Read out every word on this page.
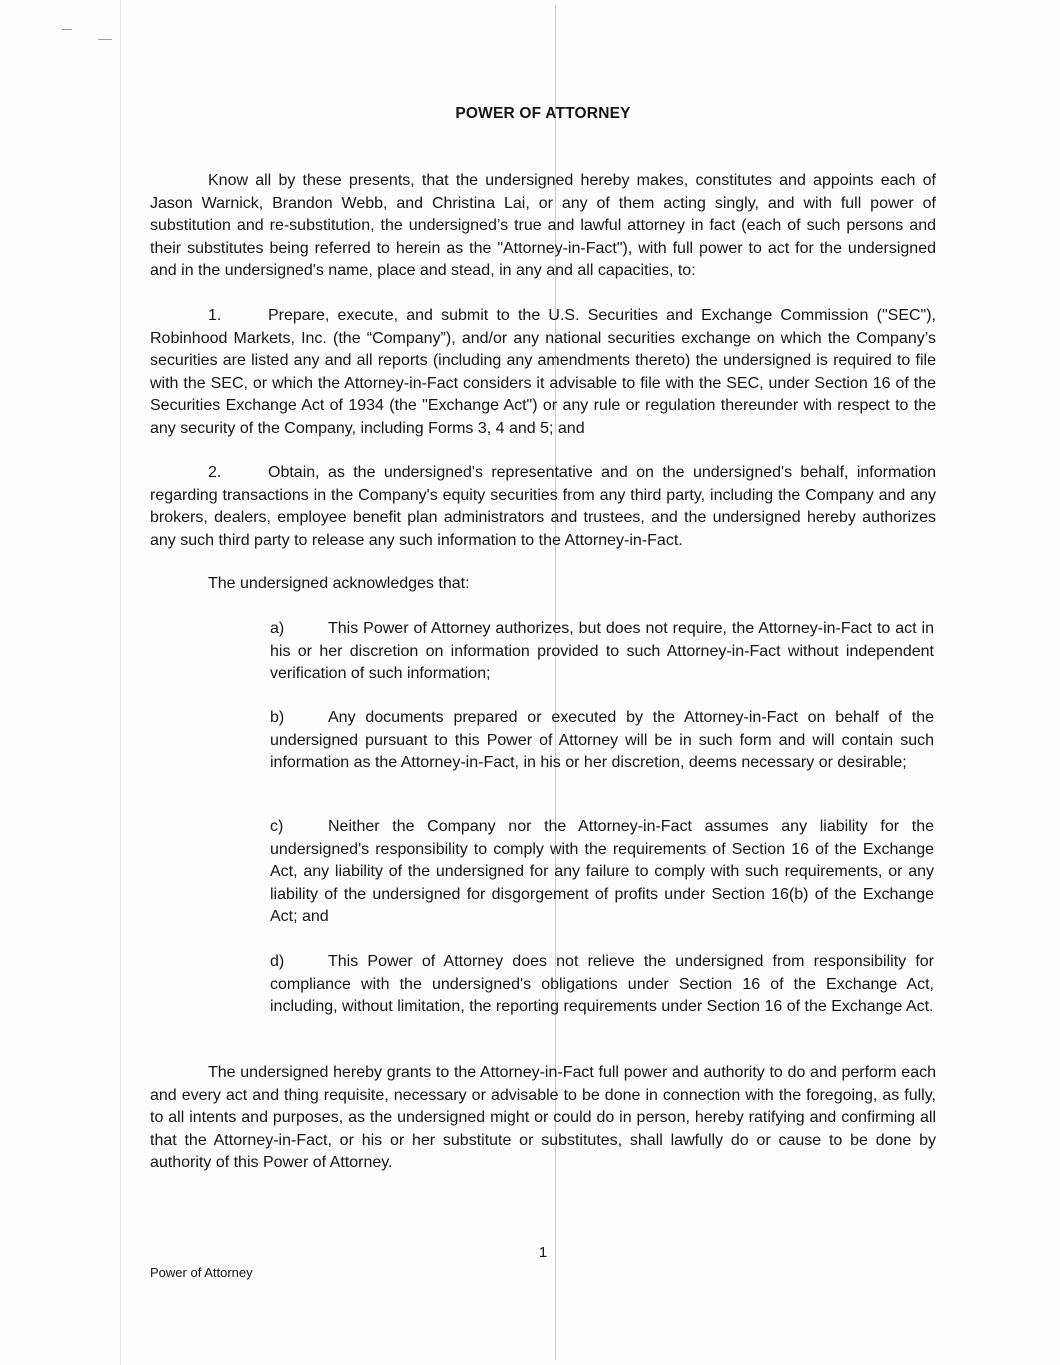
POWER OF ATTORNEY

Know all by these presents, that the undersigned hereby makes, constitutes and appoints each of Jason Warnick, Brandon Webb, and Christina Lai, or any of them acting singly, and with full power of substitution and re-substitution, the undersigned’s true and lawful attorney in fact (each of such persons and their substitutes being referred to herein as the "Attorney-in-Fact"), with full power to act for the undersigned and in the undersigned's name, place and stead, in any and all capacities, to:

1.	Prepare, execute, and submit to the U.S. Securities and Exchange Commission ("SEC"), Robinhood Markets, Inc. (the “Company”), and/or any national securities exchange on which the Company’s securities are listed any and all reports (including any amendments thereto) the undersigned is required to file with the SEC, or which the Attorney-in-Fact considers it advisable to file with the SEC, under Section 16 of the Securities Exchange Act of 1934 (the "Exchange Act") or any rule or regulation thereunder with respect to the any security of the Company, including Forms 3, 4 and 5; and

2.	Obtain, as the undersigned's representative and on the undersigned's behalf, information regarding transactions in the Company's equity securities from any third party, including the Company and any brokers, dealers, employee benefit plan administrators and trustees, and the undersigned hereby authorizes any such third party to release any such information to the Attorney-in-Fact.

The undersigned acknowledges that:

a)	This Power of Attorney authorizes, but does not require, the Attorney-in-Fact to act in his or her discretion on information provided to such Attorney-in-Fact without independent verification of such information;

b)	Any documents prepared or executed by the Attorney-in-Fact on behalf of the undersigned pursuant to this Power of Attorney will be in such form and will contain such information as the Attorney-in-Fact, in his or her discretion, deems necessary or desirable;

c)	Neither the Company nor the Attorney-in-Fact assumes any liability for the undersigned's responsibility to comply with the requirements of Section 16 of the Exchange Act, any liability of the undersigned for any failure to comply with such requirements, or any liability of the undersigned for disgorgement of profits under Section 16(b) of the Exchange Act; and

d)	This Power of Attorney does not relieve the undersigned from responsibility for compliance with the undersigned's obligations under Section 16 of the Exchange Act, including, without limitation, the reporting requirements under Section 16 of the Exchange Act.

The undersigned hereby grants to the Attorney-in-Fact full power and authority to do and perform each and every act and thing requisite, necessary or advisable to be done in connection with the foregoing, as fully, to all intents and purposes, as the undersigned might or could do in person, hereby ratifying and confirming all that the Attorney-in-Fact, or his or her substitute or substitutes, shall lawfully do or cause to be done by authority of this Power of Attorney.

1
Power of Attorney
